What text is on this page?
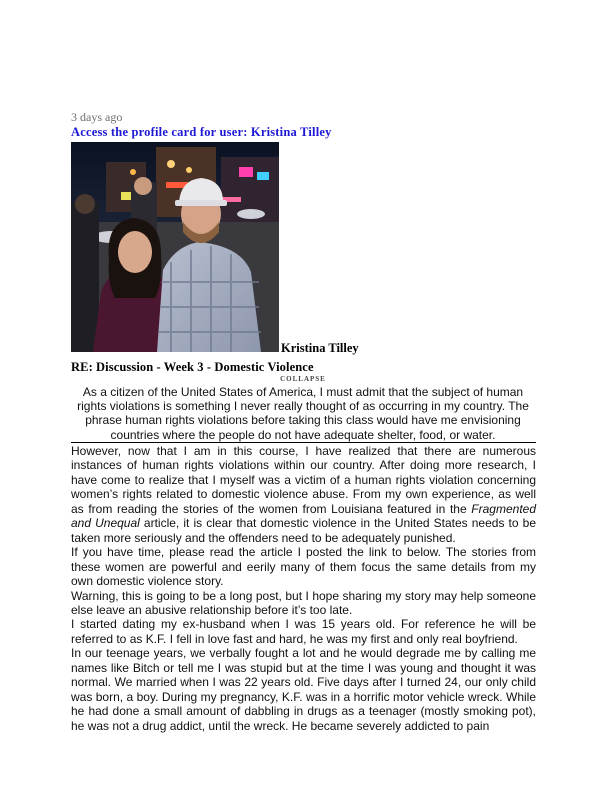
3 days ago
Access the profile card for user: Kristina Tilley
Kristina Tilley
RE: Discussion - Week 3 - Domestic Violence
COLLAPSE
As a citizen of the United States of America, I must admit that the subject of human rights violations is something I never really thought of as occurring in my country. The phrase human rights violations before taking this class would have me envisioning countries where the people do not have adequate shelter, food, or water.

However, now that I am in this course, I have realized that there are numerous instances of human rights violations within our country. After doing more research, I have come to realize that I myself was a victim of a human rights violation concerning women’s rights related to domestic violence abuse. From my own experience, as well as from reading the stories of the women from Louisiana featured in the Fragmented and Unequal article, it is clear that domestic violence in the United States needs to be taken more seriously and the offenders need to be adequately punished.

If you have time, please read the article I posted the link to below. The stories from these women are powerful and eerily many of them focus the same details from my own domestic violence story.

Warning, this is going to be a long post, but I hope sharing my story may help someone else leave an abusive relationship before it’s too late.

I started dating my ex-husband when I was 15 years old. For reference he will be referred to as K.F. I fell in love fast and hard, he was my first and only real boyfriend.

In our teenage years, we verbally fought a lot and he would degrade me by calling me names like Bitch or tell me I was stupid but at the time I was young and thought it was normal. We married when I was 22 years old. Five days after I turned 24, our only child was born, a boy. During my pregnancy, K.F. was in a horrific motor vehicle wreck. While he had done a small amount of dabbling in drugs as a teenager (mostly smoking pot), he was not a drug addict, until the wreck. He became severely addicted to pain
